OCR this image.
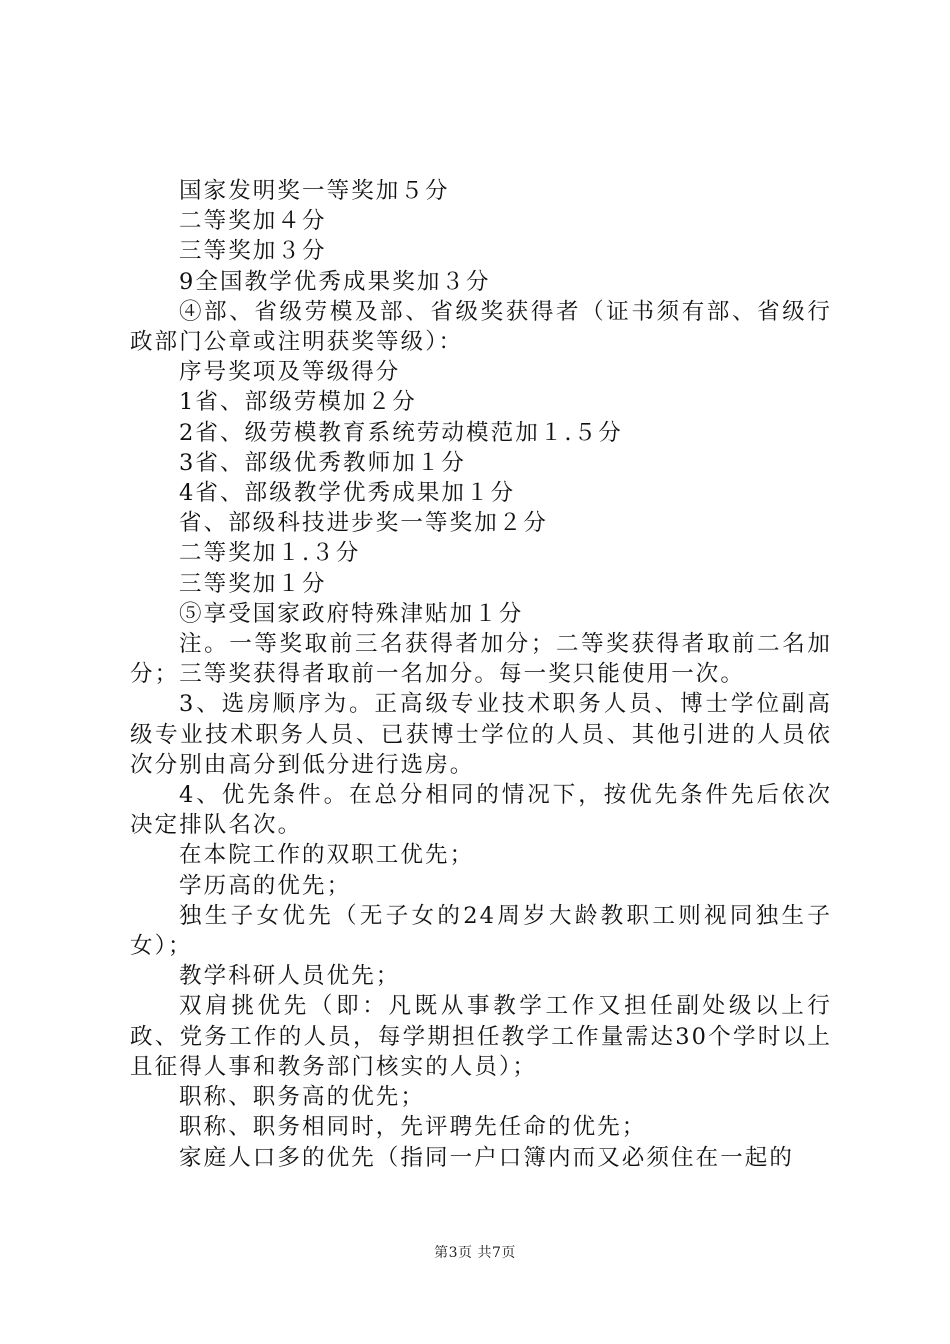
国家发明奖一等奖加５分

二等奖加４分

三等奖加３分

9全国教学优秀成果奖加３分

④部、省级劳模及部、省级奖获得者（证书须有部、省级行政部门公章或注明获奖等级）：

序号奖项及等级得分

1省、部级劳模加２分

2省、级劳模教育系统劳动模范加１.５分

3省、部级优秀教师加１分

4省、部级教学优秀成果加１分

省、部级科技进步奖一等奖加２分

二等奖加１.３分

三等奖加１分

⑤享受国家政府特殊津贴加１分

注。一等奖取前三名获得者加分；二等奖获得者取前二名加分；三等奖获得者取前一名加分。每一奖只能使用一次。

3、选房顺序为。正高级专业技术职务人员、博士学位副高级专业技术职务人员、已获博士学位的人员、其他引进的人员依次分别由高分到低分进行选房。

4、优先条件。在总分相同的情况下，按优先条件先后依次决定排队名次。

在本院工作的双职工优先；

学历高的优先；

独生子女优先（无子女的24周岁大龄教职工则视同独生子女）；

教学科研人员优先；

双肩挑优先（即：凡既从事教学工作又担任副处级以上行政、党务工作的人员，每学期担任教学工作量需达30个学时以上且征得人事和教务部门核实的人员）；

职称、职务高的优先；

职称、职务相同时，先评聘先任命的优先；

家庭人口多的优先（指同一户口簿内而又必须住在一起的

第3页 共7页
